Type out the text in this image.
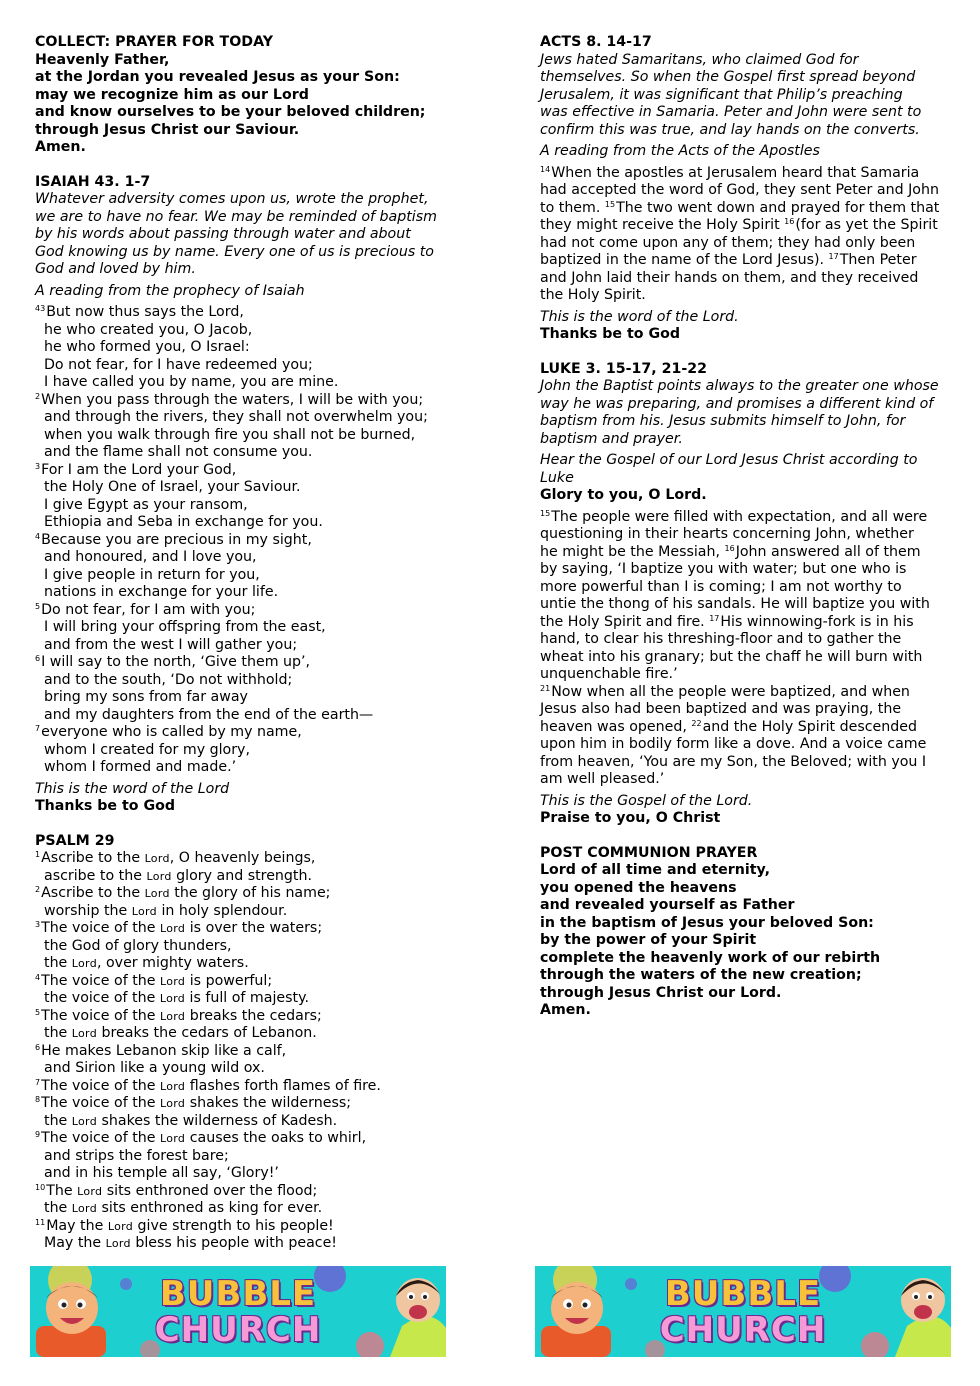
COLLECT: PRAYER FOR TODAY

Heavenly Father,

at the Jordan you revealed Jesus as your Son:

may we recognize him as our Lord

and know ourselves to be your beloved children;

through Jesus Christ our Saviour.

Amen.

ISAIAH 43. 1-7

Whatever adversity comes upon us, wrote the prophet,

we are to have no fear. We may be reminded of baptism

by his words about passing through water and about

God knowing us by name. Every one of us is precious to

God and loved by him.

A reading from the prophecy of Isaiah

$^{43}$But now thus says the Lord,

he who created you, O Jacob,

he who formed you, O Israel:

Do not fear, for I have redeemed you;

I have called you by name, you are mine.

$^2$When you pass through the waters, I will be with you;

and through the rivers, they shall not overwhelm you;

when you walk through fire you shall not be burned,

and the flame shall not consume you.

$^3$For I am the Lord your God,

the Holy One of Israel, your Saviour.

I give Egypt as your ransom,

Ethiopia and Seba in exchange for you.

$^4$Because you are precious in my sight,

and honoured, and I love you,

I give people in return for you,

nations in exchange for your life.

$^5$Do not fear, for I am with you;

I will bring your offspring from the east,

and from the west I will gather you;

$^6$I will say to the north, ‘Give them up’,

and to the south, ‘Do not withhold;

bring my sons from far away

and my daughters from the end of the earth—

$^7$everyone who is called by my name,

whom I created for my glory,

whom I formed and made.’

This is the word of the Lord

Thanks be to God

PSALM 29

$^1$Ascribe to the Lord, O heavenly beings,

ascribe to the Lord glory and strength.

$^2$Ascribe to the Lord the glory of his name;

worship the Lord in holy splendour.

$^3$The voice of the Lord is over the waters;

the God of glory thunders,

the Lord, over mighty waters.

$^4$The voice of the Lord is powerful;

the voice of the Lord is full of majesty.

$^5$The voice of the Lord breaks the cedars;

the Lord breaks the cedars of Lebanon.

$^6$He makes Lebanon skip like a calf,

and Sirion like a young wild ox.

$^7$The voice of the Lord flashes forth flames of fire.

$^8$The voice of the Lord shakes the wilderness;

the Lord shakes the wilderness of Kadesh.

$^9$The voice of the Lord causes the oaks to whirl,

and strips the forest bare;

and in his temple all say, ‘Glory!’

$^{10}$The Lord sits enthroned over the flood;

the Lord sits enthroned as king for ever.

$^{11}$May the Lord give strength to his people!

May the Lord bless his people with peace!

ACTS 8. 14-17

Jews hated Samaritans, who claimed God for

themselves. So when the Gospel first spread beyond

Jerusalem, it was significant that Philip’s preaching

was effective in Samaria. Peter and John were sent to

confirm this was true, and lay hands on the converts.

A reading from the Acts of the Apostles

$^{14}$When the apostles at Jerusalem heard that Samaria

had accepted the word of God, they sent Peter and John

to them. $^{15}$The two went down and prayed for them that

they might receive the Holy Spirit $^{16}$(for as yet the Spirit

had not come upon any of them; they had only been

baptized in the name of the Lord Jesus). $^{17}$Then Peter

and John laid their hands on them, and they received

the Holy Spirit.

This is the word of the Lord.

Thanks be to God

LUKE 3. 15-17, 21-22

John the Baptist points always to the greater one whose

way he was preparing, and promises a different kind of

baptism from his. Jesus submits himself to John, for

baptism and prayer.

Hear the Gospel of our Lord Jesus Christ according to

Luke

Glory to you, O Lord.

$^{15}$The people were filled with expectation, and all were

questioning in their hearts concerning John, whether

he might be the Messiah, $^{16}$John answered all of them

by saying, ‘I baptize you with water; but one who is

more powerful than I is coming; I am not worthy to

untie the thong of his sandals. He will baptize you with

the Holy Spirit and fire. $^{17}$His winnowing-fork is in his

hand, to clear his threshing-floor and to gather the

wheat into his granary; but the chaff he will burn with

unquenchable fire.’

$^{21}$Now when all the people were baptized, and when

Jesus also had been baptized and was praying, the

heaven was opened, $^{22}$and the Holy Spirit descended

upon him in bodily form like a dove. And a voice came

from heaven, ‘You are my Son, the Beloved; with you I

am well pleased.’

This is the Gospel of the Lord.

Praise to you, O Christ

POST COMMUNION PRAYER

Lord of all time and eternity,

you opened the heavens

and revealed yourself as Father

in the baptism of Jesus your beloved Son:

by the power of your Spirit

complete the heavenly work of our rebirth

through the waters of the new creation;

through Jesus Christ our Lord.

Amen.

BUBBLE
CHURCH
BUBBLE
CHURCH
